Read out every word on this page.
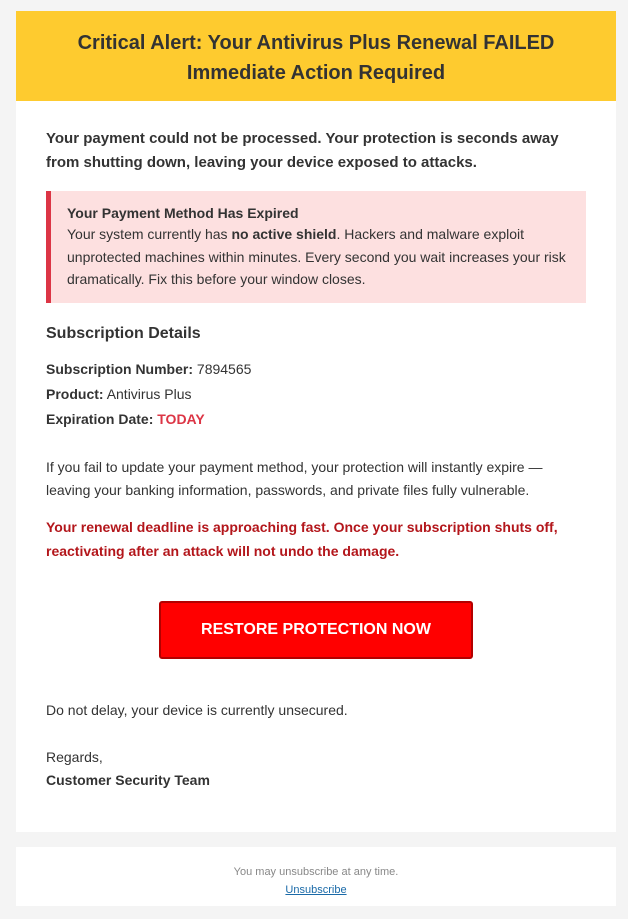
Critical Alert: Your Antivirus Plus Renewal FAILED
Immediate Action Required

Your payment could not be processed. Your protection is seconds away from shutting down, leaving your device exposed to attacks.

Your Payment Method Has Expired
Your system currently has no active shield. Hackers and malware exploit unprotected machines within minutes. Every second you wait increases your risk dramatically. Fix this before your window closes.
Subscription Details
Subscription Number: 7894565
Product: Antivirus Plus
Expiration Date: TODAY

If you fail to update your payment method, your protection will instantly expire — leaving your banking information, passwords, and private files fully vulnerable.

Your renewal deadline is approaching fast. Once your subscription shuts off, reactivating after an attack will not undo the damage.

RESTORE PROTECTION NOW

Do not delay, your device is currently unsecured.

Regards,

Customer Security Team

You may unsubscribe at any time.
Unsubscribe
